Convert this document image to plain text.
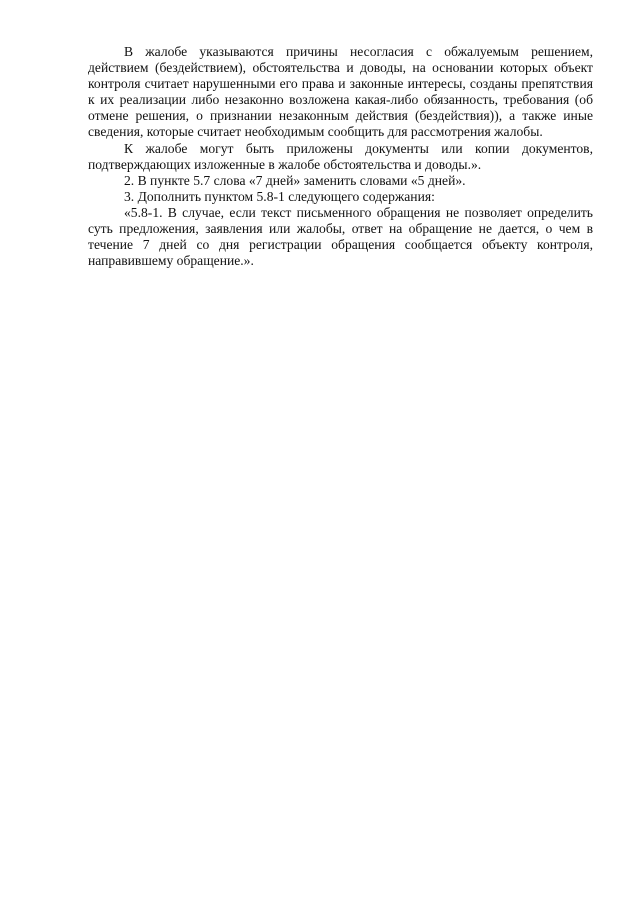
В жалобе указываются причины несогласия с обжалуемым решением, действием (бездействием), обстоятельства и доводы, на основании которых объект контроля считает нарушенными его права и законные интересы, созданы препятствия к их реализации либо незаконно возложена какая-либо обязанность, требования (об отмене решения, о признании незаконным действия (бездействия)), а также иные сведения, которые считает необходимым сообщить для рассмотрения жалобы.

К жалобе могут быть приложены документы или копии документов, подтверждающих изложенные в жалобе обстоятельства и доводы.».

2. В пункте 5.7 слова «7 дней» заменить словами «5 дней».

3. Дополнить пунктом 5.8-1 следующего содержания:

«5.8-1. В случае, если текст письменного обращения не позволяет определить суть предложения, заявления или жалобы, ответ на обращение не дается, о чем в течение 7 дней со дня регистрации обращения сообщается объекту контроля, направившему обращение.».
